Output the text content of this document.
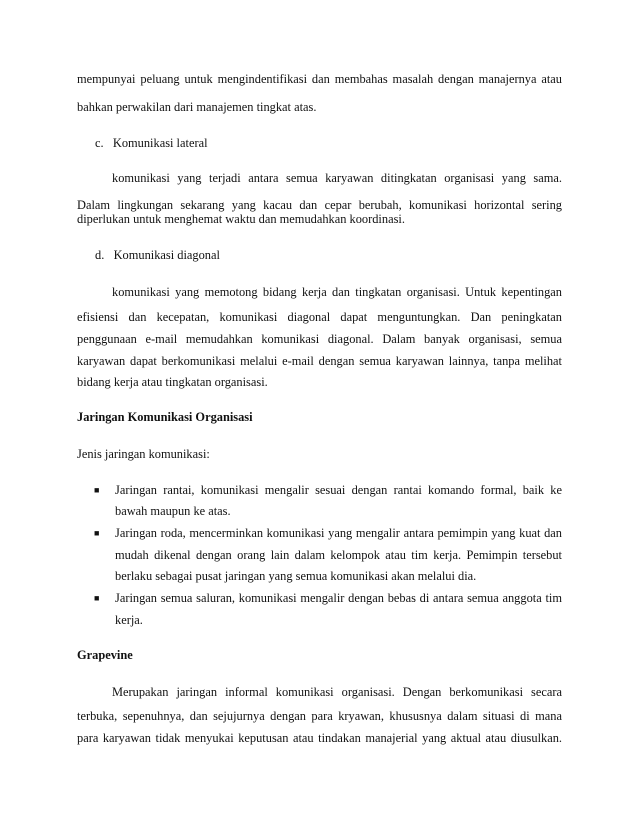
mempunyai peluang untuk mengindentifikasi dan membahas masalah dengan manajernya atau
bahkan perwakilan dari manajemen tingkat atas.
c.   Komunikasi lateral
komunikasi yang terjadi antara semua karyawan ditingkatan organisasi yang sama.
Dalam lingkungan sekarang yang kacau dan cepar berubah, komunikasi horizontal sering
diperlukan untuk menghemat waktu dan memudahkan koordinasi.
d.   Komunikasi diagonal
komunikasi yang memotong bidang kerja dan tingkatan organisasi. Untuk kepentingan
efisiensi dan kecepatan, komunikasi diagonal dapat menguntungkan. Dan peningkatan
penggunaan e-mail memudahkan komunikasi diagonal. Dalam banyak organisasi, semua
karyawan dapat berkomunikasi melalui e-mail dengan semua karyawan lainnya, tanpa melihat
bidang kerja atau tingkatan organisasi.
Jaringan Komunikasi Organisasi
Jenis jaringan komunikasi:
■ Jaringan rantai, komunikasi mengalir sesuai dengan rantai komando formal, baik ke
bawah maupun ke atas.
■ Jaringan roda, mencerminkan komunikasi yang mengalir antara pemimpin yang kuat dan
mudah dikenal dengan orang lain dalam kelompok atau tim kerja. Pemimpin tersebut
berlaku sebagai pusat jaringan yang semua komunikasi akan melalui dia.
■ Jaringan semua saluran, komunikasi mengalir dengan bebas di antara semua anggota tim
kerja.
Grapevine
Merupakan jaringan informal komunikasi organisasi. Dengan berkomunikasi secara
terbuka, sepenuhnya, dan sejujurnya dengan para kryawan, khususnya dalam situasi di mana
para karyawan tidak menyukai keputusan atau tindakan manajerial yang aktual atau diusulkan.
